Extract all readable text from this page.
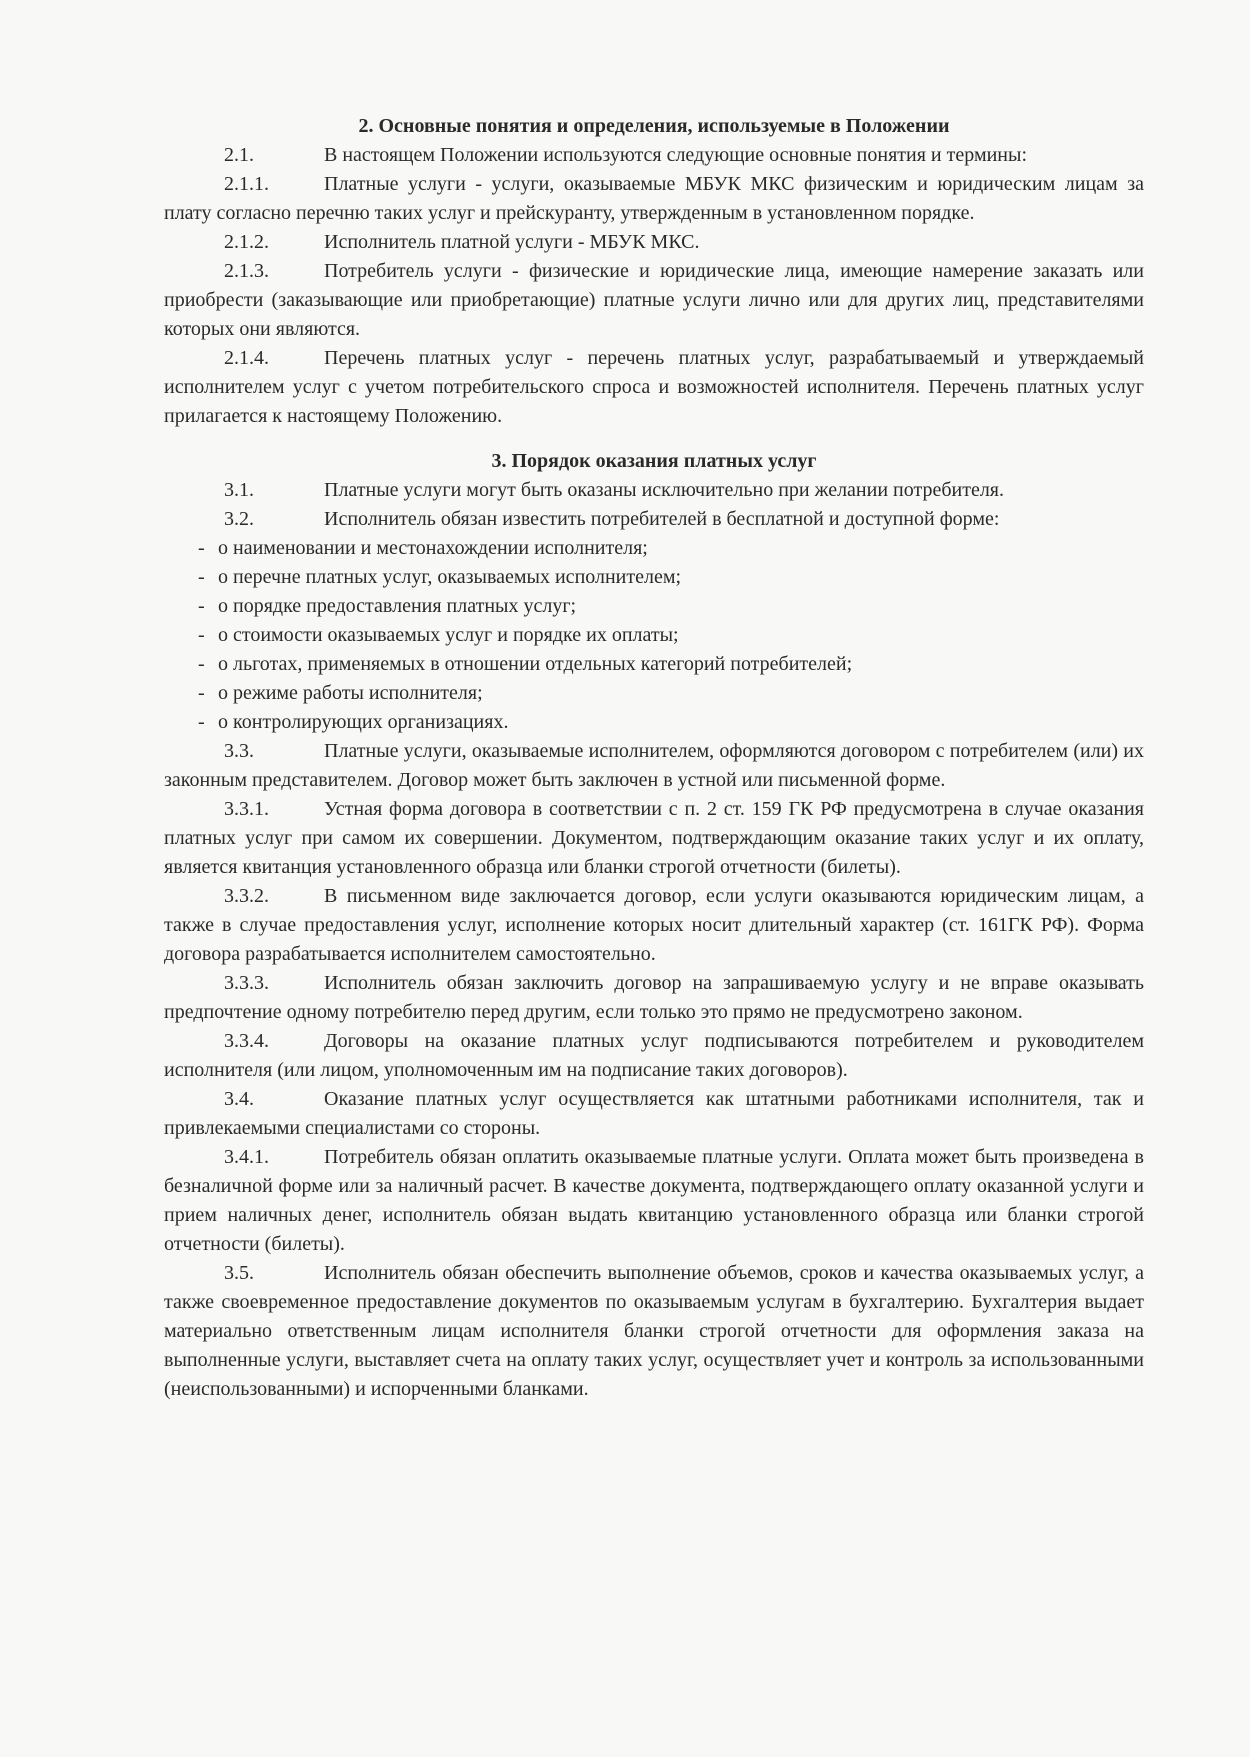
2. Основные понятия и определения, используемые в Положении

2.1.	В настоящем Положении используются следующие основные понятия и термины:

2.1.1.	Платные услуги - услуги, оказываемые МБУК МКС физическим и юридическим лицам за плату согласно перечню таких услуг и прейскуранту, утвержденным в установленном порядке.

2.1.2.	Исполнитель платной услуги - МБУК МКС.

2.1.3.	Потребитель услуги - физические и юридические лица, имеющие намерение заказать или приобрести (заказывающие или приобретающие) платные услуги лично или для других лиц, представителями которых они являются.

2.1.4.	Перечень платных услуг - перечень платных услуг, разрабатываемый и утверждаемый исполнителем услуг с учетом потребительского спроса и возможностей исполнителя. Перечень платных услуг прилагается к настоящему Положению.

3. Порядок оказания платных услуг

3.1.	Платные услуги могут быть оказаны исключительно при желании потребителя.

3.2.	Исполнитель обязан известить потребителей в бесплатной и доступной форме:

- о наименовании и местонахождении исполнителя;

- о перечне платных услуг, оказываемых исполнителем;

- о порядке предоставления платных услуг;

- о стоимости оказываемых услуг и порядке их оплаты;

- о льготах, применяемых в отношении отдельных категорий потребителей;

- о режиме работы исполнителя;

- о контролирующих организациях.

3.3.	Платные услуги, оказываемые исполнителем, оформляются договором с потребителем (или) их законным представителем. Договор может быть заключен в устной или письменной форме.

3.3.1.	Устная форма договора в соответствии с п. 2 ст. 159 ГК РФ предусмотрена в случае оказания платных услуг при самом их совершении. Документом, подтверждающим оказание таких услуг и их оплату, является квитанция установленного образца или бланки строгой отчетности (билеты).

3.3.2.	В письменном виде заключается договор, если услуги оказываются юридическим лицам, а также в случае предоставления услуг, исполнение которых носит длительный характер (ст. 161ГК РФ). Форма договора разрабатывается исполнителем самостоятельно.

3.3.3.	Исполнитель обязан заключить договор на запрашиваемую услугу и не вправе оказывать предпочтение одному потребителю перед другим, если только это прямо не предусмотрено законом.

3.3.4.	Договоры на оказание платных услуг подписываются потребителем и руководителем исполнителя (или лицом, уполномоченным им на подписание таких договоров).

3.4.	Оказание платных услуг осуществляется как штатными работниками исполнителя, так и привлекаемыми специалистами со стороны.

3.4.1.	Потребитель обязан оплатить оказываемые платные услуги. Оплата может быть произведена в безналичной форме или за наличный расчет. В качестве документа, подтверждающего оплату оказанной услуги и прием наличных денег, исполнитель обязан выдать квитанцию установленного образца или бланки строгой отчетности (билеты).

3.5.	Исполнитель обязан обеспечить выполнение объемов, сроков и качества оказываемых услуг, а также своевременное предоставление документов по оказываемым услугам в бухгалтерию. Бухгалтерия выдает материально ответственным лицам исполнителя бланки строгой отчетности для оформления заказа на выполненные услуги, выставляет счета на оплату таких услуг, осуществляет учет и контроль за использованными (неиспользованными) и испорченными бланками.
